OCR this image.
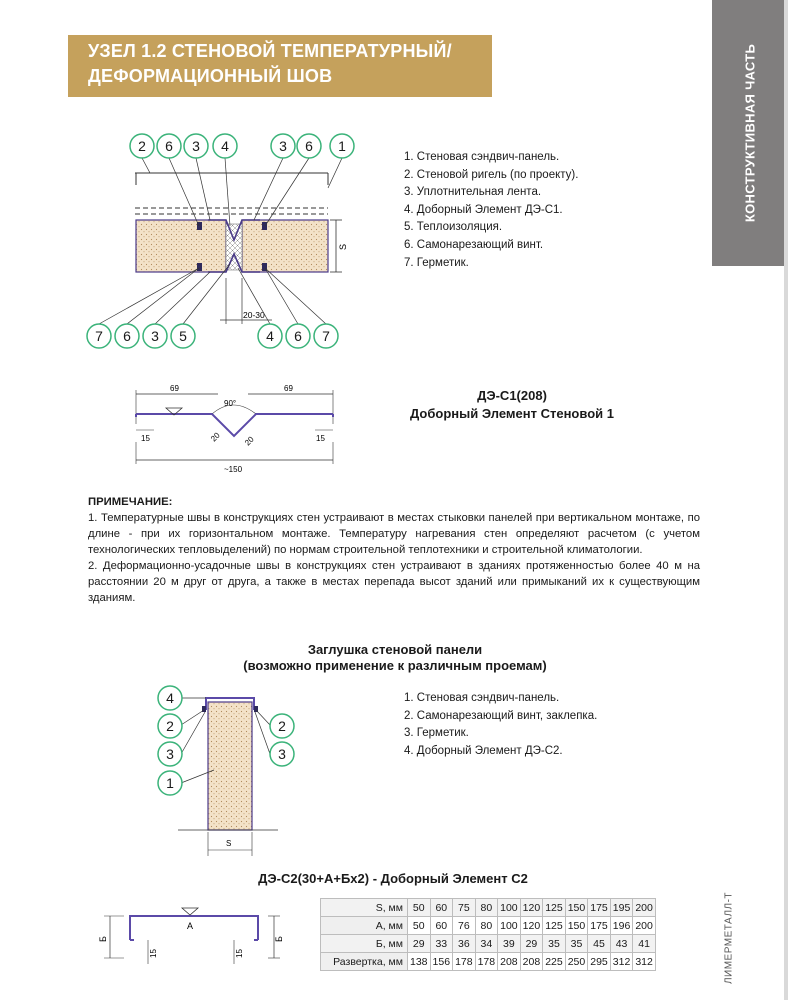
УЗЕЛ 1.2 СТЕНОВОЙ ТЕМПЕРАТУРНЫЙ/
ДЕФОРМАЦИОННЫЙ ШОВ	КОНСТРУКТИВНАЯ ЧАСТЬ
S
20-30
2 6 3 4	3 6 1
7 6 3 5	4 6 7
1. Стеновая сэндвич-панель.
2. Стеновой ригель (по проекту).
3. Уплотнительная лента.
4. Доборный Элемент ДЭ-С1.
5. Теплоизоляция.
6. Самонарезающий винт.
7. Герметик.
69	69
90°
15	15
20	20
~150
ДЭ-С1(208)
Доборный Элемент Стеновой 1
ПРИМЕЧАНИЕ:

1. Температурные швы в конструкциях стен устраивают в местах стыковки панелей при вертикальном монтаже, по длине - при их горизонтальном монтаже. Температуру нагревания стен определяют расчетом (с учетом технологических тепловыделений) по нормам строительной теплотехники и строительной климатологии.

2. Деформационно-усадочные швы в конструкциях стен устраивают в зданиях протяженностью более 40 м на расстоянии 20 м друг от друга, а также в местах перепада высот зданий или примыканий их к существующим зданиям.

Заглушка стеновой панели
(возможно применение к различным проемам)
S
4
2
3
1
2
3
1. Стеновая сэндвич-панель.
2. Самонарезающий винт, заклепка.
3. Герметик.
4. Доборный Элемент ДЭ-С2.
ДЭ-С2(30+А+Бх2) - Доборный Элемент С2
А
Б
15	15
Б
S, мм	50	60	75	80	100	120	125	150	175	195	200
A, мм	50	60	76	80	100	120	125	150	175	196	200
Б, мм	29	33	36	34	39	29	35	35	45	43	41
Развертка, мм	138	156	178	178	208	208	225	250	295	312	312	ЛИМЕРМЕТАЛЛ-Т
